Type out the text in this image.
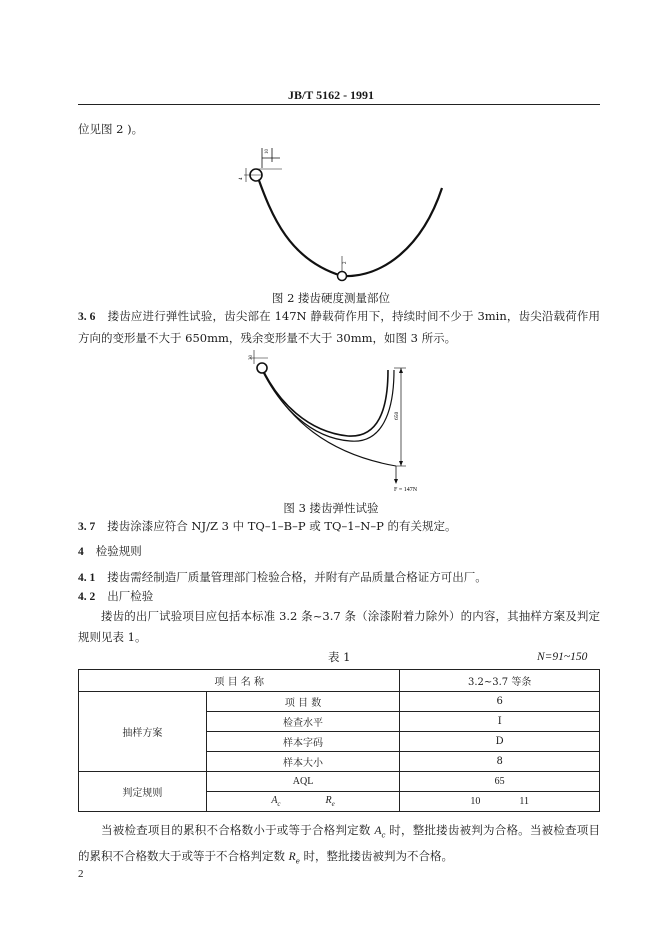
JB/T 5162 - 1991
位见图 2 )。
10
4
2
图 2 搂齿硬度测量部位
3. 6 搂齿应进行弹性试验，齿尖部在 147N 静载荷作用下，持续时间不少于 3min，齿尖沿载荷作用方向的变形量不大于 650mm，残余变形量不大于 30mm，如图 3 所示。
30
650
F = 147N
图 3 搂齿弹性试验
3. 7 搂齿涂漆应符合 NJ/Z 3 中 TQ–1–B–P 或 TQ–1–N–P 的有关规定。
4 检验规则
4. 1 搂齿需经制造厂质量管理部门检验合格，并附有产品质量合格证方可出厂。
4. 2 出厂检验
搂齿的出厂试验项目应包括本标准 3.2 条~3.7 条（涂漆附着力除外）的内容，其抽样方案及判定规则见表 1。
表 1	N=91~150
项 目 名 称		3.2~3.7 等条
抽样方案	项 目 数	6
	检查水平	I
	样本字码	D
	样本大小	8
判定规则	AQL	65
	$A_c$ $R_e$	10 11
当被检查项目的累积不合格数小于或等于合格判定数 $A_c$ 时，整批搂齿被判为合格。当被检查项目的累积不合格数大于或等于不合格判定数 $R_e$ 时，整批搂齿被判为不合格。
2
